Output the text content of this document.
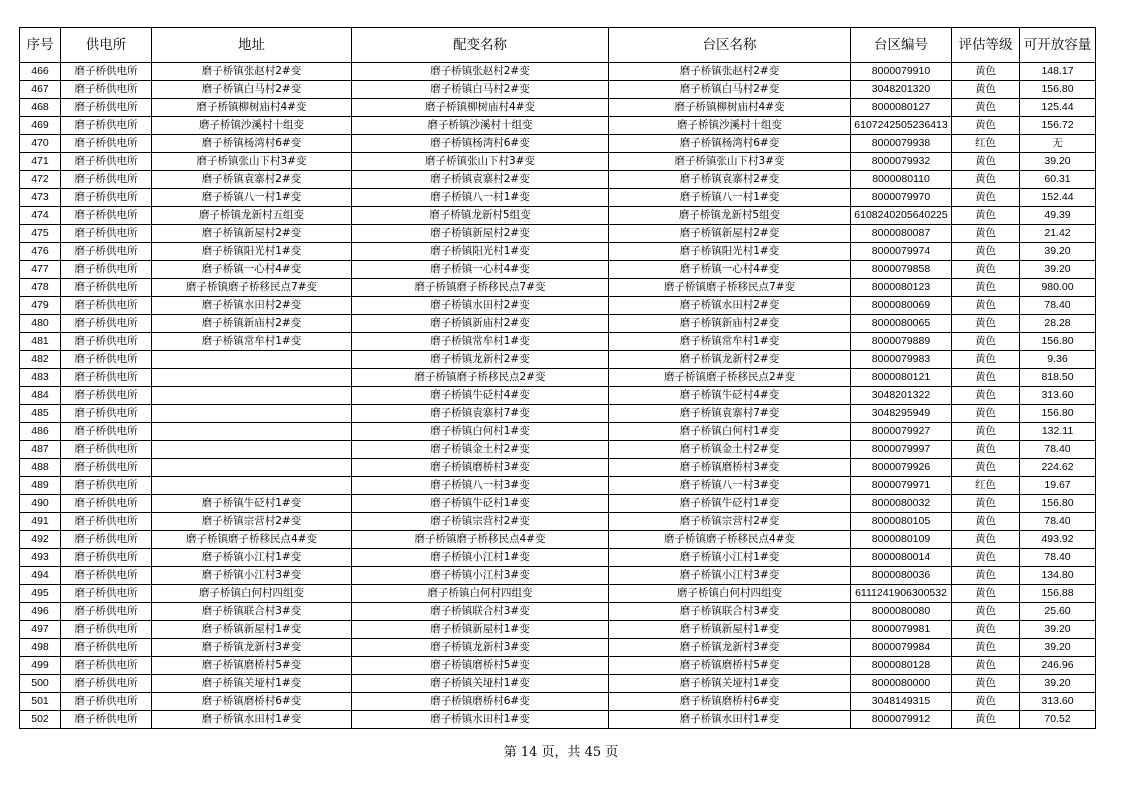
序号	供电所	地址	配变名称	台区名称	台区编号	评估等级	可开放容量
466	磨子桥供电所	磨子桥镇张赵村2#变	磨子桥镇张赵村2#变	磨子桥镇张赵村2#变	8000079910	黄色	148.17
467	磨子桥供电所	磨子桥镇白马村2#变	磨子桥镇白马村2#变	磨子桥镇白马村2#变	3048201320	黄色	156.80
468	磨子桥供电所	磨子桥镇柳树庙村4#变	磨子桥镇柳树庙村4#变	磨子桥镇柳树庙村4#变	8000080127	黄色	125.44
469	磨子桥供电所	磨子桥镇沙溪村十组变	磨子桥镇沙溪村十组变	磨子桥镇沙溪村十组变	6107242505236413	黄色	156.72
470	磨子桥供电所	磨子桥镇杨湾村6#变	磨子桥镇杨湾村6#变	磨子桥镇杨湾村6#变	8000079938	红色	无
471	磨子桥供电所	磨子桥镇张山下村3#变	磨子桥镇张山下村3#变	磨子桥镇张山下村3#变	8000079932	黄色	39.20
472	磨子桥供电所	磨子桥镇袁寨村2#变	磨子桥镇袁寨村2#变	磨子桥镇袁寨村2#变	8000080110	黄色	60.31
473	磨子桥供电所	磨子桥镇八一村1#变	磨子桥镇八一村1#变	磨子桥镇八一村1#变	8000079970	黄色	152.44
474	磨子桥供电所	磨子桥镇龙新村五组变	磨子桥镇龙新村5组变	磨子桥镇龙新村5组变	6108240205640225	黄色	49.39
475	磨子桥供电所	磨子桥镇新屋村2#变	磨子桥镇新屋村2#变	磨子桥镇新屋村2#变	8000080087	黄色	21.42
476	磨子桥供电所	磨子桥镇阳光村1#变	磨子桥镇阳光村1#变	磨子桥镇阳光村1#变	8000079974	黄色	39.20
477	磨子桥供电所	磨子桥镇一心村4#变	磨子桥镇一心村4#变	磨子桥镇一心村4#变	8000079858	黄色	39.20
478	磨子桥供电所	磨子桥镇磨子桥移民点7#变	磨子桥镇磨子桥移民点7#变	磨子桥镇磨子桥移民点7#变	8000080123	黄色	980.00
479	磨子桥供电所	磨子桥镇水田村2#变	磨子桥镇水田村2#变	磨子桥镇水田村2#变	8000080069	黄色	78.40
480	磨子桥供电所	磨子桥镇新庙村2#变	磨子桥镇新庙村2#变	磨子桥镇新庙村2#变	8000080065	黄色	28.28
481	磨子桥供电所	磨子桥镇常牟村1#变	磨子桥镇常牟村1#变	磨子桥镇常牟村1#变	8000079889	黄色	156.80
482	磨子桥供电所		磨子桥镇龙新村2#变	磨子桥镇龙新村2#变	8000079983	黄色	9.36
483	磨子桥供电所		磨子桥镇磨子桥移民点2#变	磨子桥镇磨子桥移民点2#变	8000080121	黄色	818.50
484	磨子桥供电所		磨子桥镇牛砭村4#变	磨子桥镇牛砭村4#变	3048201322	黄色	313.60
485	磨子桥供电所		磨子桥镇袁寨村7#变	磨子桥镇袁寨村7#变	3048295949	黄色	156.80
486	磨子桥供电所		磨子桥镇白何村1#变	磨子桥镇白何村1#变	8000079927	黄色	132.11
487	磨子桥供电所		磨子桥镇金土村2#变	磨子桥镇金土村2#变	8000079997	黄色	78.40
488	磨子桥供电所		磨子桥镇磨桥村3#变	磨子桥镇磨桥村3#变	8000079926	黄色	224.62
489	磨子桥供电所		磨子桥镇八一村3#变	磨子桥镇八一村3#变	8000079971	红色	19.67
490	磨子桥供电所	磨子桥镇牛砭村1#变	磨子桥镇牛砭村1#变	磨子桥镇牛砭村1#变	8000080032	黄色	156.80
491	磨子桥供电所	磨子桥镇宗营村2#变	磨子桥镇宗营村2#变	磨子桥镇宗营村2#变	8000080105	黄色	78.40
492	磨子桥供电所	磨子桥镇磨子桥移民点4#变	磨子桥镇磨子桥移民点4#变	磨子桥镇磨子桥移民点4#变	8000080109	黄色	493.92
493	磨子桥供电所	磨子桥镇小江村1#变	磨子桥镇小江村1#变	磨子桥镇小江村1#变	8000080014	黄色	78.40
494	磨子桥供电所	磨子桥镇小江村3#变	磨子桥镇小江村3#变	磨子桥镇小江村3#变	8000080036	黄色	134.80
495	磨子桥供电所	磨子桥镇白何村四组变	磨子桥镇白何村四组变	磨子桥镇白何村四组变	6111241906300532	黄色	156.88
496	磨子桥供电所	磨子桥镇联合村3#变	磨子桥镇联合村3#变	磨子桥镇联合村3#变	8000080080	黄色	25.60
497	磨子桥供电所	磨子桥镇新屋村1#变	磨子桥镇新屋村1#变	磨子桥镇新屋村1#变	8000079981	黄色	39.20
498	磨子桥供电所	磨子桥镇龙新村3#变	磨子桥镇龙新村3#变	磨子桥镇龙新村3#变	8000079984	黄色	39.20
499	磨子桥供电所	磨子桥镇磨桥村5#变	磨子桥镇磨桥村5#变	磨子桥镇磨桥村5#变	8000080128	黄色	246.96
500	磨子桥供电所	磨子桥镇关垭村1#变	磨子桥镇关垭村1#变	磨子桥镇关垭村1#变	8000080000	黄色	39.20
501	磨子桥供电所	磨子桥镇磨桥村6#变	磨子桥镇磨桥村6#变	磨子桥镇磨桥村6#变	3048149315	黄色	313.60
502	磨子桥供电所	磨子桥镇水田村1#变	磨子桥镇水田村1#变	磨子桥镇水田村1#变	8000079912	黄色	70.52
第 14 页，共 45 页
